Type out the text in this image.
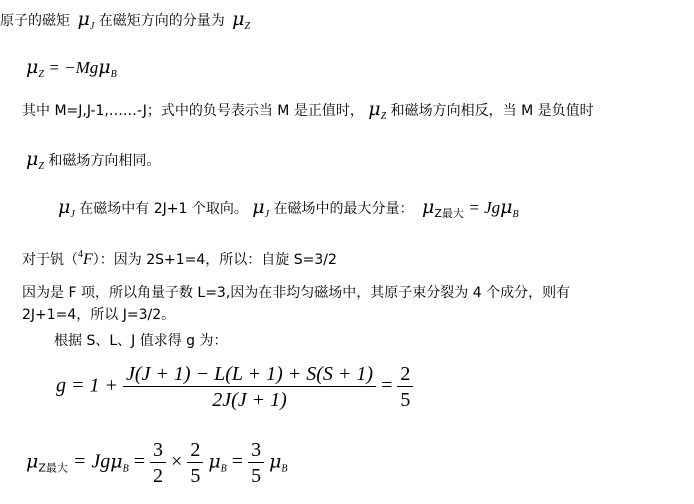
原子的磁矩 $\mu_J$ 在磁矩方向的分量为 $\mu_Z$
$\mu_Z = -Mg\mu_B$
其中 M=J,J-1,……-J；式中的负号表示当 M 是正值时， $\mu_Z$ 和磁场方向相反，当 M 是负值时
$\mu_Z$ 和磁场方向相同。
$\mu_J$ 在磁场中有 2J+1 个取向。 $\mu_J$ 在磁场中的最大分量： $\mu_{Z最大} = Jg\mu_B$
对于钒（$^4$F）：因为 2S+1=4，所以：自旋 S=3/2
因为是 F 项，所以角量子数 L=3,因为在非均匀磁场中，其原子束分裂为 4 个成分，则有
2J+1=4，所以 J=3/2。
根据 S、L、J 值求得 g 为：
$g = 1 + \frac{J(J + 1) - L(L + 1) + S(S + 1)}{2J(J + 1)} = \frac{2}{5}$
$\mu_{Z最大} = Jg\mu_B = \frac{3}{2} \times \frac{2}{5} \mu_B = \frac{3}{5} \mu_B$
